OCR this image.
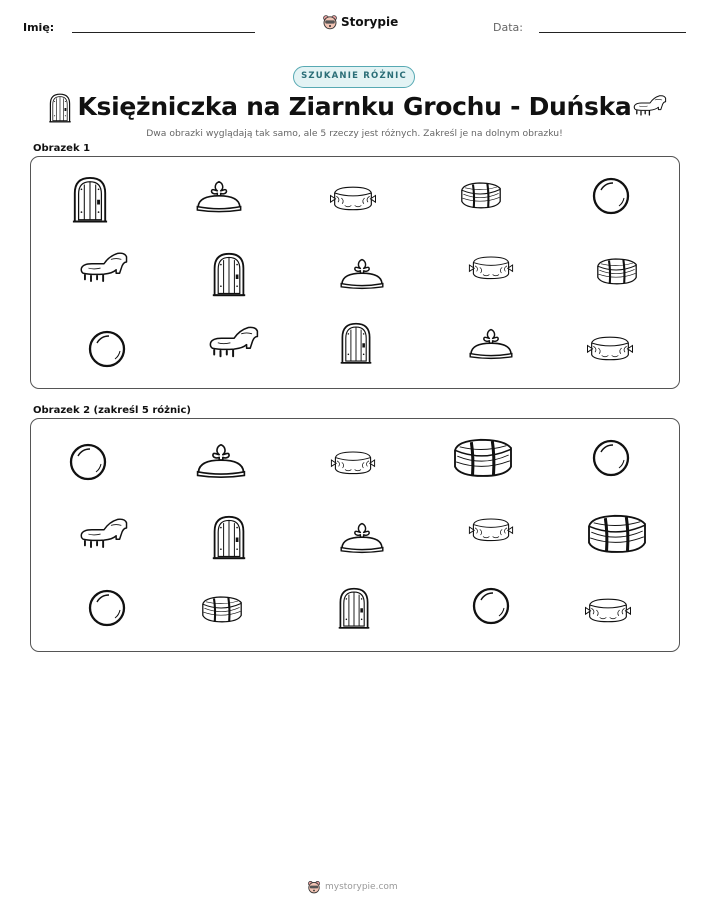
Imię:	Storypie	Data:
SZUKANIE RÓŻNIC
Księżniczka na Ziarnku Grochu - Duńska
Dwa obrazki wyglądają tak samo, ale 5 rzeczy jest różnych. Zakreśl je na dolnym obrazku!
Obrazek 1
Obrazek 2 (zakreśl 5 różnic)
mystorypie.com
